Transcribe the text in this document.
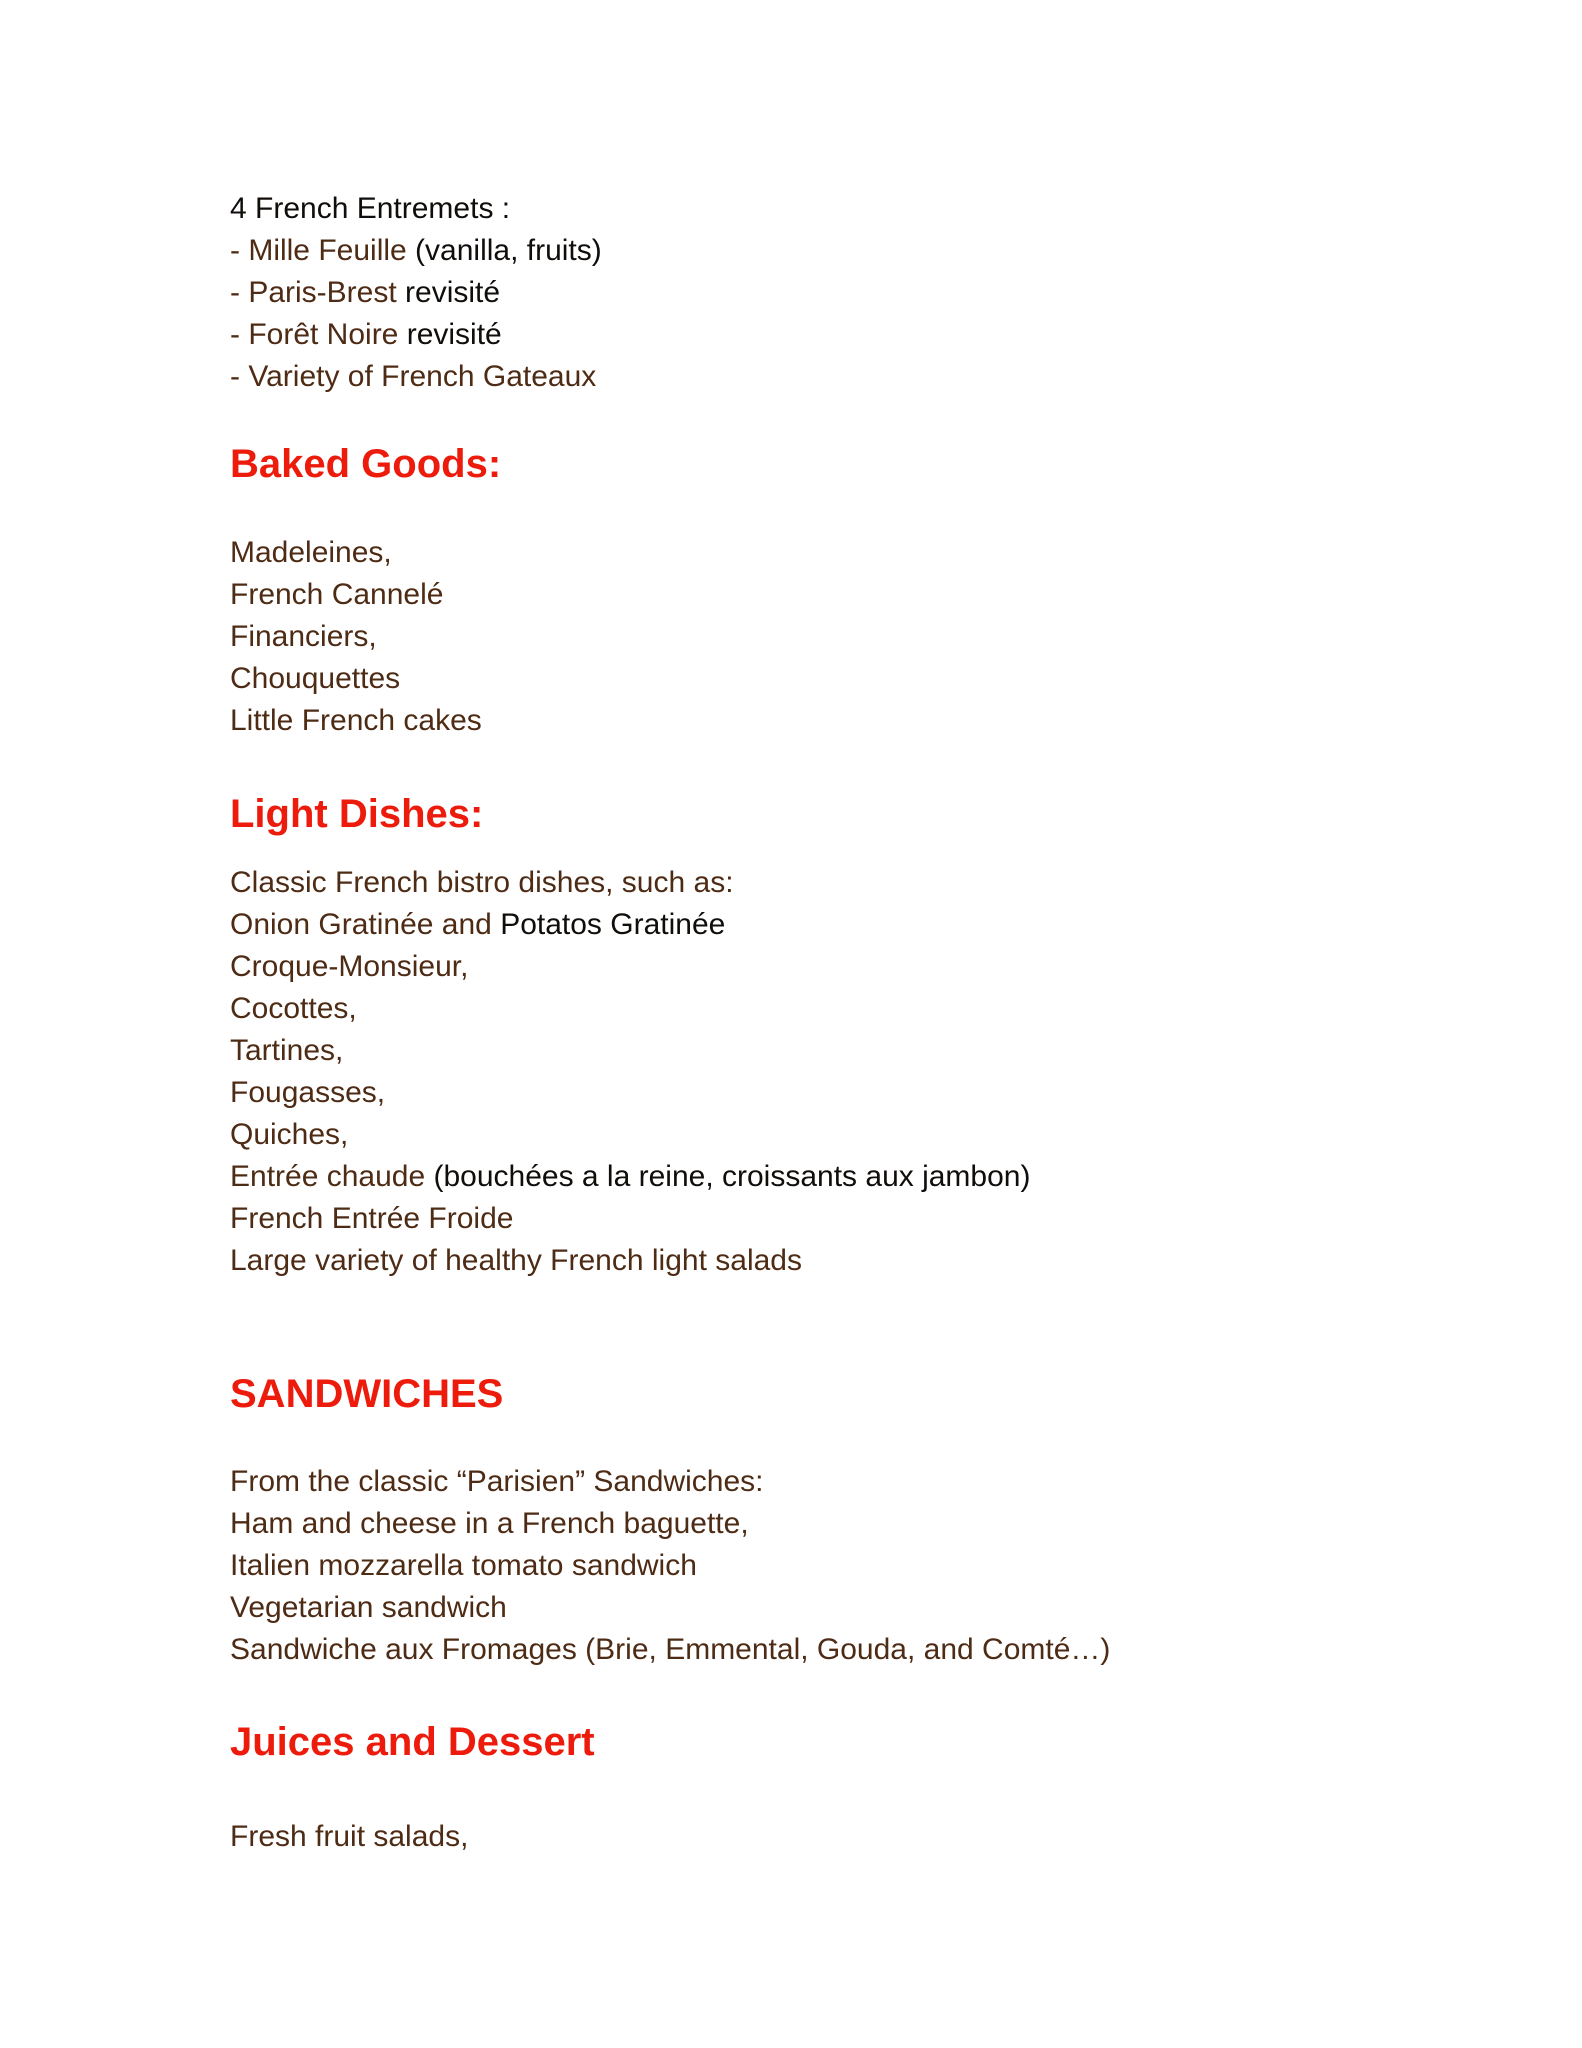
4 French Entremets :
- Mille Feuille (vanilla, fruits)
- Paris-Brest revisité
- Forêt Noire revisité
- Variety of French Gateaux
Baked Goods:
Madeleines,
French Cannelé
Financiers,
Chouquettes
Little French cakes
Light Dishes:
Classic French bistro dishes, such as:
Onion Gratinée and Potatos Gratinée
Croque-Monsieur,
Cocottes,
Tartines,
Fougasses,
Quiches,
Entrée chaude (bouchées a la reine, croissants aux jambon)
French Entrée Froide
Large variety of healthy French light salads
SANDWICHES
From the classic “Parisien” Sandwiches:
Ham and cheese in a French baguette,
Italien mozzarella tomato sandwich
Vegetarian sandwich
Sandwiche aux Fromages (Brie, Emmental, Gouda, and Comté…)
Juices and Dessert
Fresh fruit salads,
